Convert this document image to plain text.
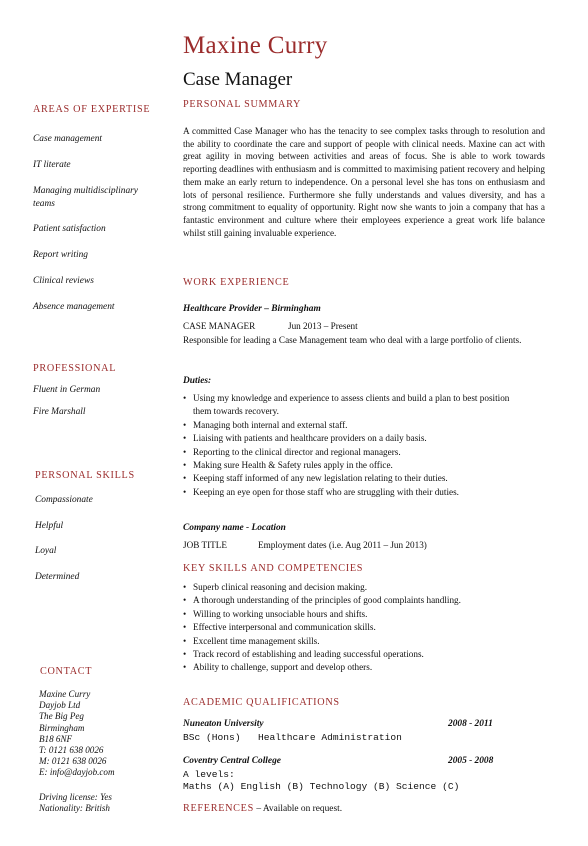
Maxine Curry
Case Manager
AREAS OF EXPERTISE
Case management
IT literate
Managing multidisciplinary teams
Patient satisfaction
Report writing
Clinical reviews
Absence management
PROFESSIONAL
Fluent in German
Fire Marshall
PERSONAL SKILLS
Compassionate
Helpful
Loyal
Determined
CONTACT
Maxine Curry
Dayjob Ltd
The Big Peg
Birmingham
B18 6NF
T: 0121 638 0026
M: 0121 638 0026
E: info@dayjob.com
Driving license: Yes
Nationality: British
PERSONAL SUMMARY
A committed Case Manager who has the tenacity to see complex tasks through to resolution and the ability to coordinate the care and support of people with clinical needs. Maxine can act with great agility in moving between activities and areas of focus. She is able to work towards reporting deadlines with enthusiasm and is committed to maximising patient recovery and helping them make an early return to independence. On a personal level she has tons on enthusiasm and lots of personal resilience. Furthermore she fully understands and values diversity, and has a strong commitment to equality of opportunity. Right now she wants to join a company that has a fantastic environment and culture where their employees experience a great work life balance whilst still gaining invaluable experience.
WORK EXPERIENCE
Healthcare Provider – Birmingham
CASE MANAGER	Jun 2013 – Present
Responsible for leading a Case Management team who deal with a large portfolio of clients.
Duties:
• Using my knowledge and experience to assess clients and build a plan to best position them towards recovery.
• Managing both internal and external staff.
• Liaising with patients and healthcare providers on a daily basis.
• Reporting to the clinical director and regional managers.
• Making sure Health & Safety rules apply in the office.
• Keeping staff informed of any new legislation relating to their duties.
• Keeping an eye open for those staff who are struggling with their duties.
Company name - Location
JOB TITLE	Employment dates (i.e. Aug 2011 – Jun 2013)
KEY SKILLS AND COMPETENCIES
• Superb clinical reasoning and decision making.
• A thorough understanding of the principles of good complaints handling.
• Willing to working unsociable hours and shifts.
• Effective interpersonal and communication skills.
• Excellent time management skills.
• Track record of establishing and leading successful operations.
• Ability to challenge, support and develop others.
ACADEMIC QUALIFICATIONS
Nuneaton University	2008 - 2011
BSc (Hons) Healthcare Administration
Coventry Central College	2005 - 2008
A levels:
Maths (A) English (B) Technology (B) Science (C)
REFERENCES – Available on request.
